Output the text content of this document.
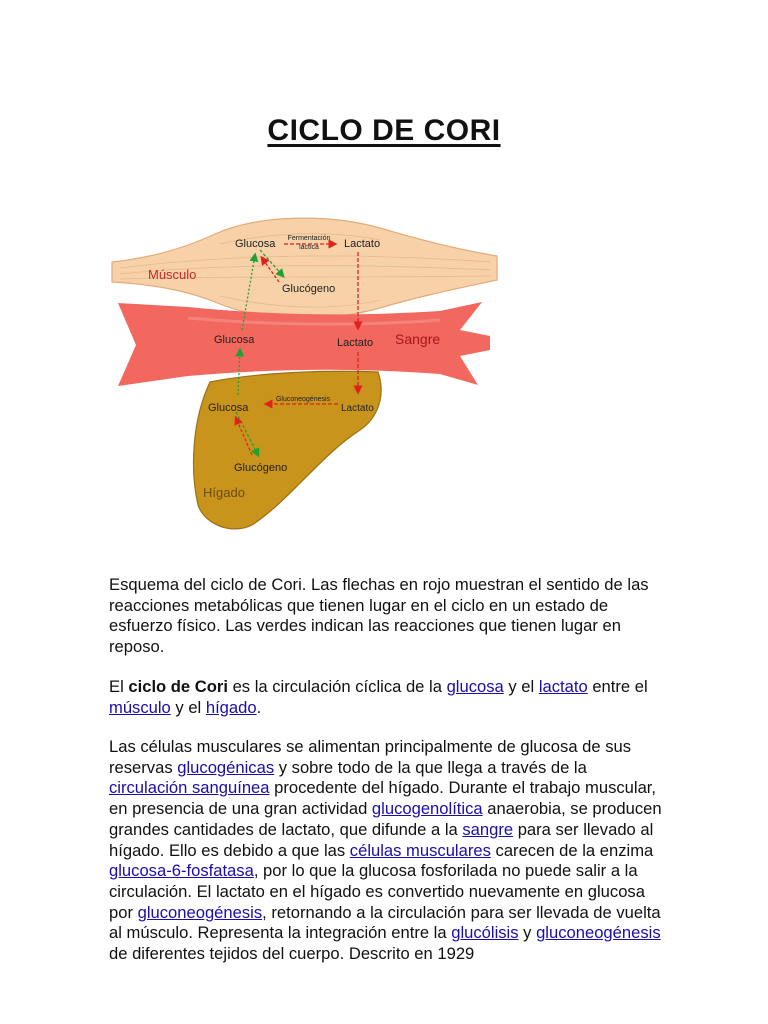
CICLO DE CORI
Músculo
Glucosa Fermentación
láctica Lactato
Glucógeno
Glucosa	Lactato Sangre
Glucosa
Gluconeogénesis
Lactato
Glucógeno
Hígado

Esquema del ciclo de Cori. Las flechas en rojo muestran el sentido de las reacciones metabólicas que tienen lugar en el ciclo en un estado de esfuerzo físico. Las verdes indican las reacciones que tienen lugar en reposo.

El ciclo de Cori es la circulación cíclica de la glucosa y el lactato entre el músculo y el hígado.

Las células musculares se alimentan principalmente de glucosa de sus reservas glucogénicas y sobre todo de la que llega a través de la circulación sanguínea procedente del hígado. Durante el trabajo muscular, en presencia de una gran actividad glucogenolítica anaerobia, se producen grandes cantidades de lactato, que difunde a la sangre para ser llevado al hígado. Ello es debido a que las células musculares carecen de la enzima glucosa-6-fosfatasa, por lo que la glucosa fosforilada no puede salir a la circulación. El lactato en el hígado es convertido nuevamente en glucosa por gluconeogénesis, retornando a la circulación para ser llevada de vuelta al músculo. Representa la integración entre la glucólisis y gluconeogénesis de diferentes tejidos del cuerpo. Descrito en 1929
